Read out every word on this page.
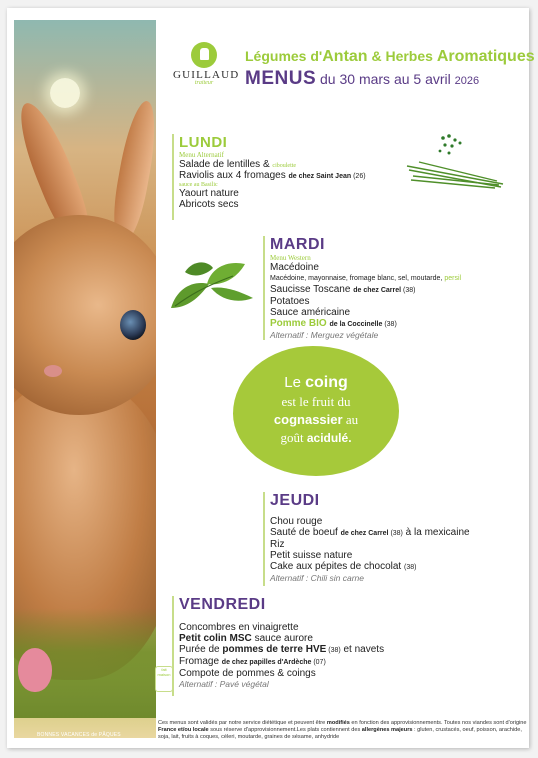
BONNES VACANCES de PÂQUES
GUILLAUD
traiteur
Légumes d'Antan & Herbes Aromatiques
MENUS du 30 mars au 5 avril 2026
LUNDI
Menu Alternatif
Salade de lentilles & ciboulette
Raviolis aux 4 fromages de chez Saint Jean (26)
sauce au Basilic
Yaourt nature
Abricots secs
MARDI
Menu Western
Macédoine
Macédoine, mayonnaise, fromage blanc, sel, moutarde, persil
Saucisse Toscane de chez Carrel (38)
Potatoes
Sauce américaine
Pomme BIO de la Coccinelle (38)
Alternatif : Merguez végétale
Le coing
est le fruit du
cognassier au
goût acidulé.
JEUDI
Chou rouge
Sauté de boeuf de chez Carrel (38) à la mexicaine
Riz
Petit suisse nature
Cake aux pépites de chocolat (38)
Alternatif : Chili sin carne
VENDREDI
Concombres en vinaigrette
Petit colin MSC sauce aurore
Purée de pommes de terre HVE (38) et navets
Fromage de chez papilles d'Ardèche (07)
Compote de pommes & coings
Alternatif : Pavé végétal
fait maison
Ces menus sont validés par notre service diététique et peuvent être modifiés en fonction des approvisionnements. Toutes nos viandes sont d'origine France et/ou locale sous réserve d'approvisionnement.Les plats contiennent des allergènes majeurs : gluten, crustacés, oeuf, poisson, arachide, soja, lait, fruits à coques, céleri, moutarde, graines de sésame, anhydride
